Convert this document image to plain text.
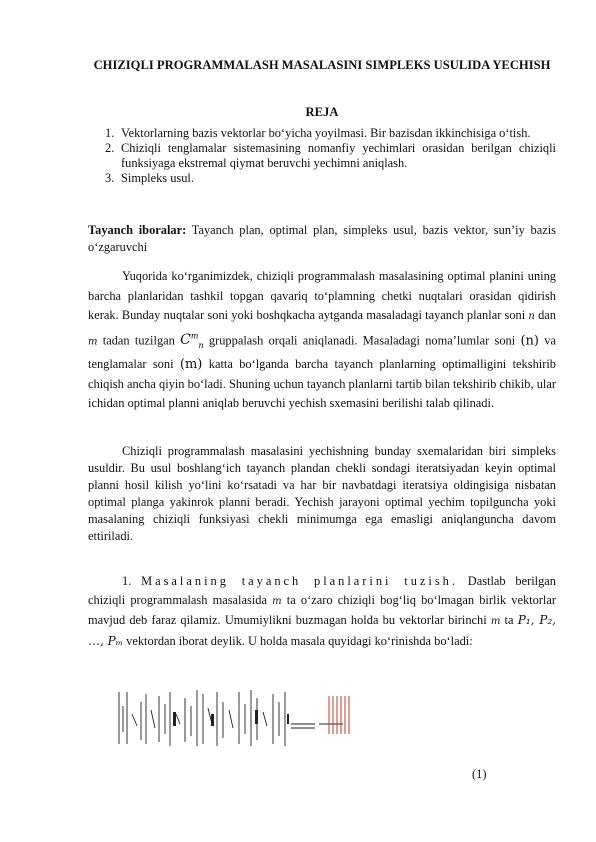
CHIZIQLI PROGRAMMALASH MASALASINI SIMPLEKS USULIDA YECHISH
REJA
1. Vektorlarning bazis vektorlar bo‘yicha yoyilmasi. Bir bazisdan ikkinchisiga o‘tish.
2. Chiziqli tenglamalar sistemasining nomanfiy yechimlari orasidan berilgan chiziqli funksiyaga ekstremal qiymat beruvchi yechimni aniqlash.
3. Simpleks usul.

Tayanch iboralar: Tayanch plan, optimal plan, simpleks usul, bazis vektor, sun’iy bazis o‘zgaruvchi

Yuqorida ko‘rganimizdek, chiziqli programmalash masalasining optimal planini uning barcha planlaridan tashkil topgan qavariq to‘plamning chetki nuqtalari orasidan qidirish kerak. Bunday nuqtalar soni yoki boshqkacha aytganda masaladagi tayanch planlar soni n dan m tadan tuzilgan $C^m_n$ gruppalash orqali aniqlanadi. Masaladagi noma’lumlar soni (n) va tenglamalar soni (m) katta bo‘lganda barcha tayanch planlarning optimalligini tekshirib chiqish ancha qiyin bo‘ladi. Shuning uchun tayanch planlarni tartib bilan tekshirib chikib, ular ichidan optimal planni aniqlab beruvchi yechish sxemasini berilishi talab qilinadi.

Chiziqli programmalash masalasini yechishning bunday sxemalaridan biri simpleks usuldir. Bu usul boshlang‘ich tayanch plandan chekli sondagi iteratsiyadan keyin optimal planni hosil kilish yo‘lini ko‘rsatadi va har bir navbatdagi iteratsiya oldingisiga nisbatan optimal planga yakinrok planni beradi. Yechish jarayoni optimal yechim topilguncha yoki masalaning chiziqli funksiyasi chekli minimumga ega emasligi aniqlanguncha davom ettiriladi.

1. Masalaning tayanch planlarini tuzish. Dastlab berilgan chiziqli programmalash masalasida m ta o‘zaro chiziqli bog‘liq bo‘lmagan birlik vektorlar mavjud deb faraz qilamiz. Umumiylikni buzmagan holda bu vektorlar birinchi m ta P₁, P₂, …, Pₘ vektordan iborat deylik. U holda masala quyidagi ko‘rinishda bo‘ladi:

(1)
